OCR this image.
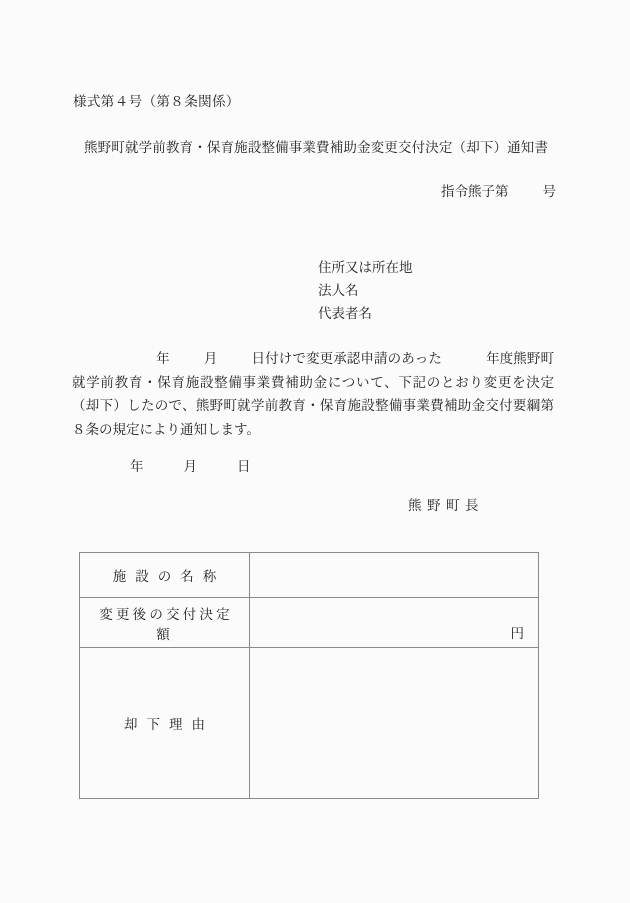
様式第４号（第８条関係）
熊野町就学前教育・保育施設整備事業費補助金変更交付決定（却下）通知書
指令熊子第	号
住所又は所在地
法人名
代表者名
年	月	日付けで変更承認申請のあった	年度熊野町就学前教育・保育施設整備事業費補助金について、下記のとおり変更を決定（却下）したので、熊野町就学前教育・保育施設整備事業費補助金交付要綱第８条の規定により通知します。
年	月	日
熊野町長
施設の名称	
変更後の交付決定額	円
却下理由	
